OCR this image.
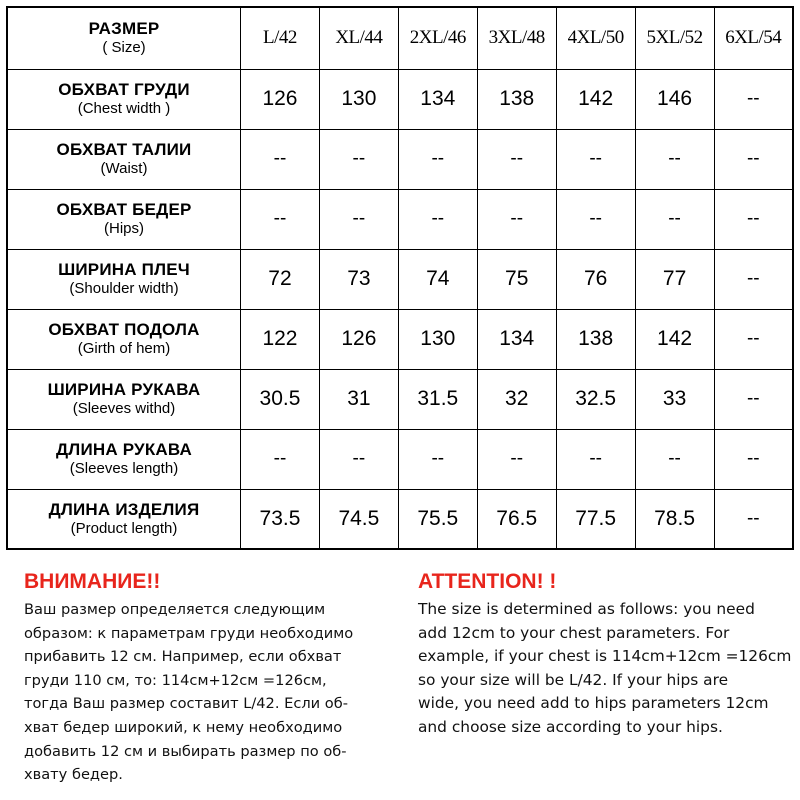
РАЗМЕР
( Size)	L/42	XL/44	2XL/46	3XL/48	4XL/50	5XL/52	6XL/54

ОБХВАТ ГРУДИ
(Chest width )	126	130	134	138	142	146	--

ОБХВАТ ТАЛИИ
(Waist)	--	--	--	--	--	--	--

ОБХВАТ БЕДЕР
(Hips)	--	--	--	--	--	--	--

ШИРИНА ПЛЕЧ
(Shoulder width)	72	73	74	75	76	77	--

ОБХВАТ ПОДОЛА
(Girth of hem)	122	126	130	134	138	142	--

ШИРИНА РУКАВА
(Sleeves withd)	30.5	31	31.5	32	32.5	33	--

ДЛИНА РУКАВА
(Sleeves length)	--	--	--	--	--	--	--

ДЛИНА ИЗДЕЛИЯ
(Product length)	73.5	74.5	75.5	76.5	77.5	78.5	--
ВНИМАНИЕ!!
Ваш размер определяется следующим
образом: к параметрам груди необходимо
прибавить 12 см. Например, если обхват
груди 110 см, то: 114см+12см =126см,
тогда Ваш размер составит L/42. Если об-
хват бедер широкий, к нему необходимо
добавить 12 см и выбирать размер по об-
хвату бедер.
ATTENTION! !
The size is determined as follows: you need
add 12cm to your chest parameters. For
example, if your chest is 114cm+12cm =126cm
so your size will be L/42. If your hips are
wide, you need add to hips parameters 12cm
and choose size according to your hips.
